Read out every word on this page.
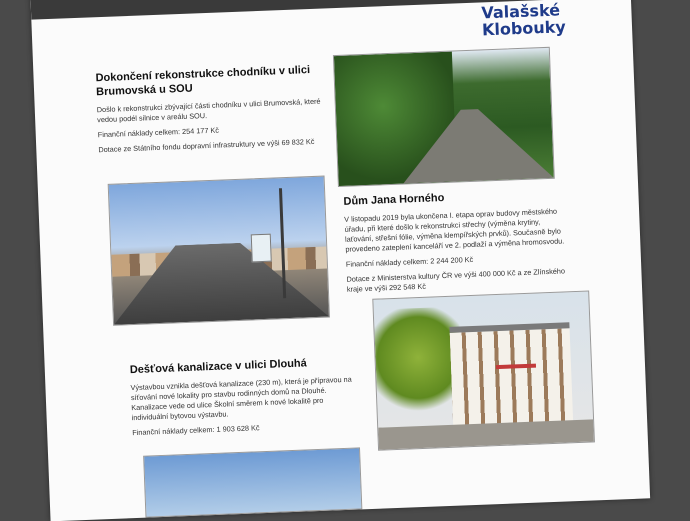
Valašské
Klobouky
Dokončení rekonstrukce chodníku v ulici Brumovská u SOU

Došlo k rekonstrukci zbývající části chodníku v ulici Brumovská, které vedou podél silnice v areálu SOU.

Finanční náklady celkem: 254 177 Kč

Dotace ze Státního fondu dopravní infrastruktury ve výši 69 832 Kč

Dům Jana Horného

V listopadu 2019 byla ukončena I. etapa oprav budovy městského úřadu, při které došlo k rekonstrukci střechy (výměna krytiny, laťování, střešní fólie, výměna klempířských prvků). Současně bylo provedeno zateplení kanceláří ve 2. podlaží a výměna hromosvodu.

Finanční náklady celkem: 2 244 200 Kč

Dotace z Ministerstva kultury ČR ve výši 400 000 Kč a ze Zlínského kraje ve výši 292 548 Kč

Dešťová kanalizace v ulici Dlouhá

Výstavbou vznikla dešťová kanalizace (230 m), která je přípravou na síťování nové lokality pro stavbu rodinných domů na Dlouhé. Kanalizace vede od ulice Školní směrem k nové lokalitě pro individuální bytovou výstavbu.

Finanční náklady celkem: 1 903 628 Kč
